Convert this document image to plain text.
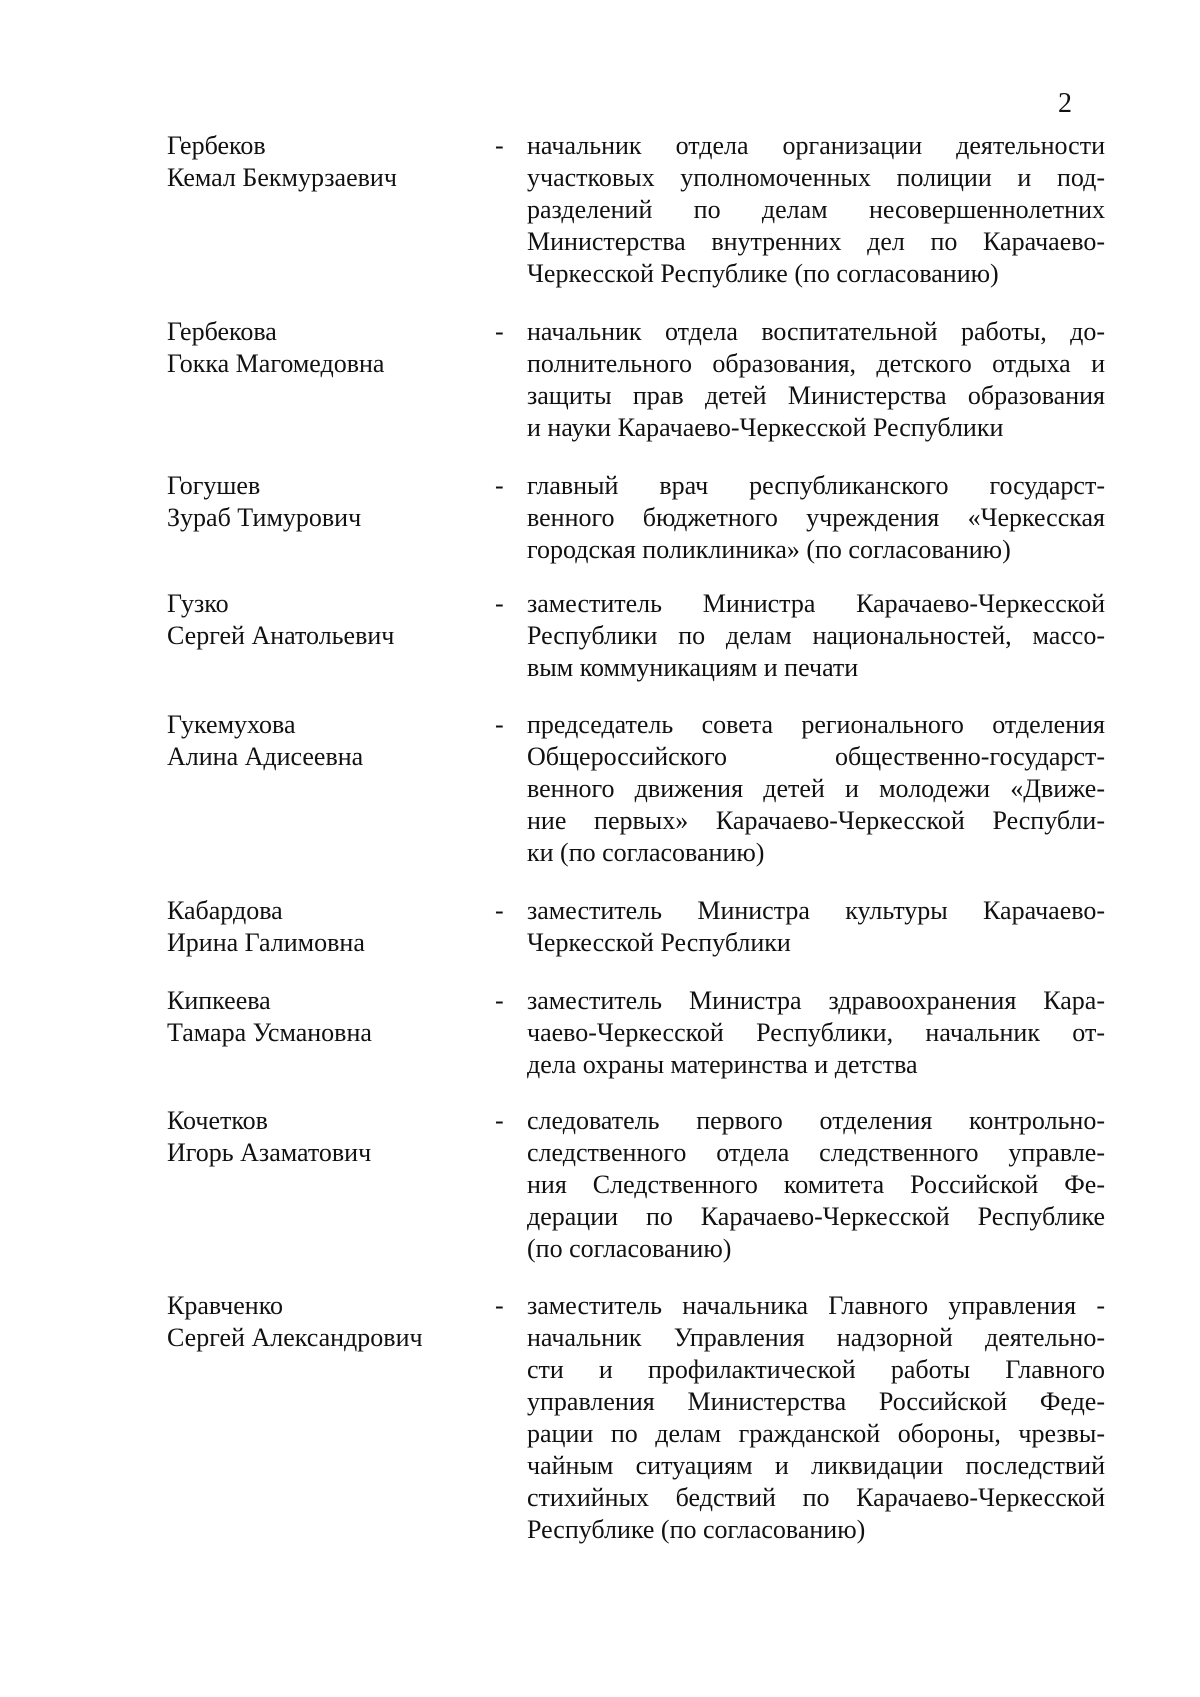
2
Гербеков
Кемал Бекмурзаевич
- начальник отдела организации деятельности
участковых уполномоченных полиции и под-
разделений по делам несовершеннолетних
Министерства внутренних дел по Карачаево-
Черкесской Республике (по согласованию)
Гербекова
Гокка Магомедовна
- начальник отдела воспитательной работы, до-
полнительного образования, детского отдыха и
защиты прав детей Министерства образования
и науки Карачаево-Черкесской Республики
Гогушев
Зураб Тимурович
- главный врач республиканского государст-
венного бюджетного учреждения «Черкесская
городская поликлиника» (по согласованию)
Гузко
Сергей Анатольевич
- заместитель Министра Карачаево-Черкесской
Республики по делам национальностей, массо-
вым коммуникациям и печати
Гукемухова
Алина Адисеевна
- председатель совета регионального отделения
Общероссийского общественно-государст-
венного движения детей и молодежи «Движе-
ние первых» Карачаево-Черкесской Республи-
ки (по согласованию)
Кабардова
Ирина Галимовна
- заместитель Министра культуры Карачаево-
Черкесской Республики
Кипкеева
Тамара Усмановна
- заместитель Министра здравоохранения Кара-
чаево-Черкесской Республики, начальник от-
дела охраны материнства и детства
Кочетков
Игорь Азаматович
- следователь первого отделения контрольно-
следственного отдела следственного управле-
ния Следственного комитета Российской Фе-
дерации по Карачаево-Черкесской Республике
(по согласованию)
Кравченко
Сергей Александрович
- заместитель начальника Главного управления -
начальник Управления надзорной деятельно-
сти и профилактической работы Главного
управления Министерства Российской Феде-
рации по делам гражданской обороны, чрезвы-
чайным ситуациям и ликвидации последствий
стихийных бедствий по Карачаево-Черкесской
Республике (по согласованию)
